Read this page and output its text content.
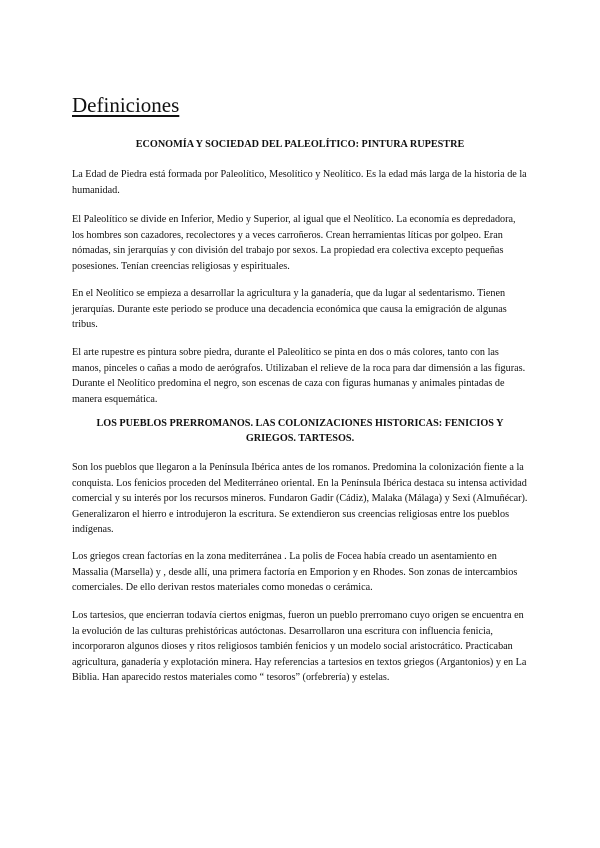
Definiciones
ECONOMÍA Y SOCIEDAD DEL PALEOLÍTICO: PINTURA RUPESTRE

La Edad de Piedra está formada por Paleolítico, Mesolítico y Neolítico. Es la edad más larga de la historia de la humanidad.

El Paleolítico se divide en Inferior, Medio y Superior, al igual que el Neolítico. La economía es depredadora, los hombres son cazadores, recolectores y a veces carroñeros. Crean herramientas líticas por golpeo. Eran nómadas, sin jerarquías y con división del trabajo por sexos. La propiedad era colectiva excepto pequeñas posesiones. Tenían creencias religiosas y espirituales.

En el Neolítico se empieza a desarrollar la agricultura y la ganadería, que da lugar al sedentarismo. Tienen jerarquías. Durante este periodo se produce una decadencia económica que causa la emigración de algunas tribus.

El arte rupestre es pintura sobre piedra, durante el Paleolítico se pinta en dos o más colores, tanto con las manos, pinceles o cañas a modo de aerógrafos. Utilizaban el relieve de la roca para dar dimensión a las figuras. Durante el Neolítico predomina el negro, son escenas de caza con figuras humanas y animales pintadas de manera esquemática.

LOS PUEBLOS PRERROMANOS. LAS COLONIZACIONES HISTORICAS: FENICIOS Y GRIEGOS. TARTESOS.

Son los pueblos que llegaron a la Península Ibérica antes de los romanos. Predomina la colonización fiente a la conquista. Los fenicios proceden del Mediterráneo oriental. En la Península Ibérica destaca su intensa actividad comercial y su interés por los recursos mineros. Fundaron Gadir (Cádiz), Malaka (Málaga) y Sexi (Almuñécar). Generalizaron el hierro e introdujeron la escritura. Se extendieron sus creencias religiosas entre los pueblos indígenas.

Los griegos crean factorías en la zona mediterránea . La polis de Focea había creado un asentamiento en Massalia (Marsella) y , desde allí, una primera factoría en Emporion y en Rhodes. Son zonas de intercambios comerciales. De ello derivan restos materiales como monedas o cerámica.

Los tartesios, que encierran todavía ciertos enigmas, fueron un pueblo prerromano cuyo origen se encuentra en la evolución de las culturas prehistóricas autóctonas. Desarrollaron una escritura con influencia fenicia, incorporaron algunos dioses y ritos religiosos también fenicios y un modelo social aristocrático. Practicaban agricultura, ganadería y explotación minera. Hay referencias a tartesios en textos griegos (Argantonios) y en La Biblia. Han aparecido restos materiales como “ tesoros” (orfebrería) y estelas.
